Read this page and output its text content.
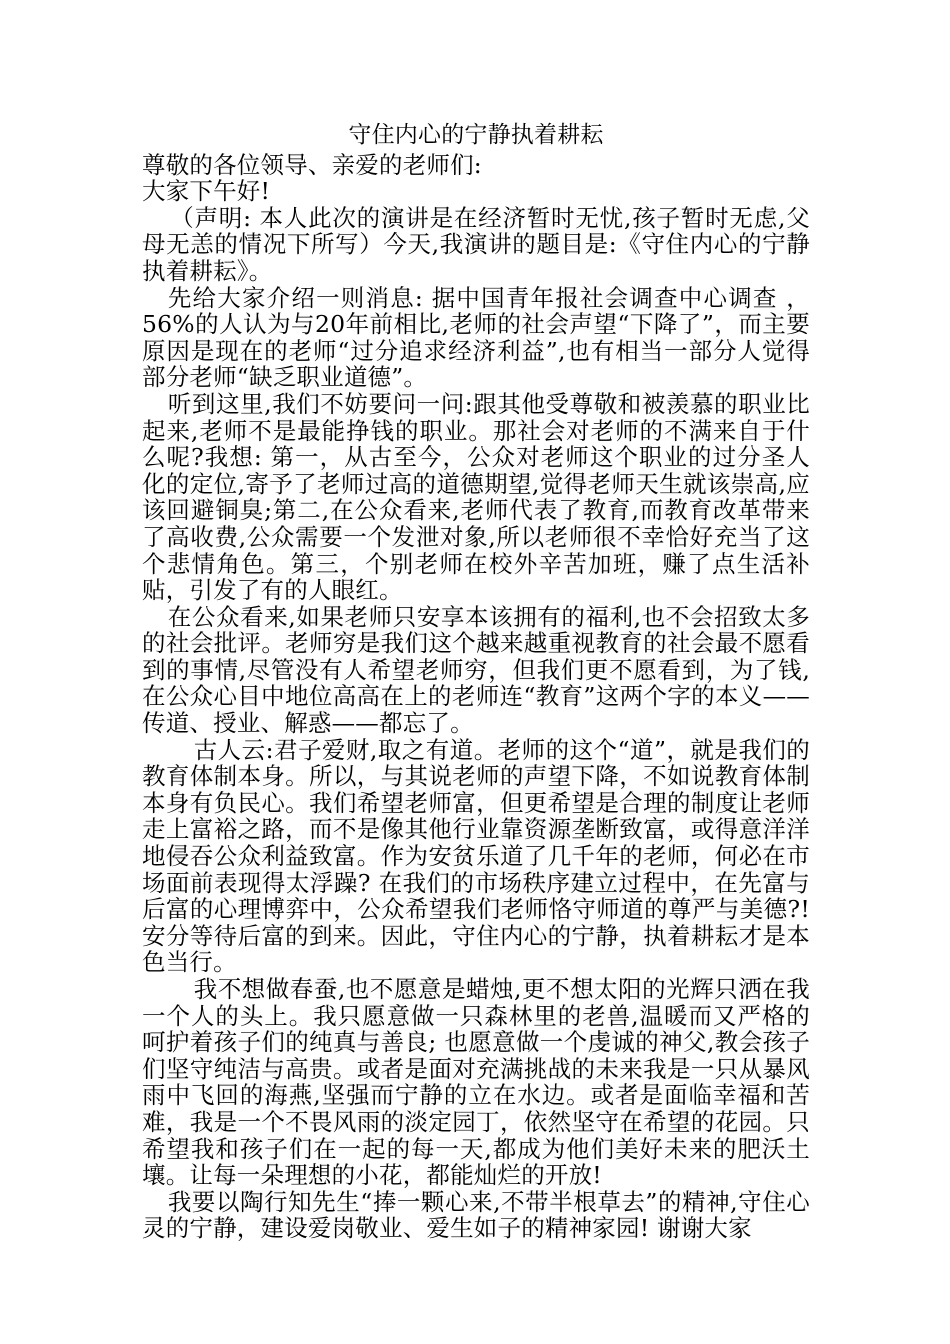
守住内心的宁静执着耕耘

尊敬的各位领导、亲爱的老师们:

大家下午好!

（声明: 本人此次的演讲是在经济暂时无忧,孩子暂时无虑,父母无恙的情况下所写）今天,我演讲的题目是:《守住内心的宁静执着耕耘》。

先给大家介绍一则消息: 据中国青年报社会调查中心调查 ，56%的人认为与20年前相比,老师的社会声望“下降了”，而主要原因是现在的老师“过分追求经济利益”,也有相当一部分人觉得部分老师“缺乏职业道德”。

听到这里,我们不妨要问一问:跟其他受尊敬和被羡慕的职业比起来,老师不是最能挣钱的职业。那社会对老师的不满来自于什么呢?我想: 第一，从古至今，公众对老师这个职业的过分圣人化的定位,寄予了老师过高的道德期望,觉得老师天生就该崇高,应该回避铜臭;第二,在公众看来,老师代表了教育,而教育改革带来了高收费,公众需要一个发泄对象,所以老师很不幸恰好充当了这个悲情角色。第三，个别老师在校外辛苦加班，赚了点生活补贴，引发了有的人眼红。

在公众看来,如果老师只安享本该拥有的福利,也不会招致太多的社会批评。老师穷是我们这个越来越重视教育的社会最不愿看到的事情,尽管没有人希望老师穷，但我们更不愿看到，为了钱,在公众心目中地位高高在上的老师连“教育”这两个字的本义——传道、授业、解惑——都忘了。

古人云:君子爱财,取之有道。老师的这个“道”，就是我们的教育体制本身。所以，与其说老师的声望下降，不如说教育体制本身有负民心。我们希望老师富，但更希望是合理的制度让老师走上富裕之路，而不是像其他行业靠资源垄断致富，或得意洋洋地侵吞公众利益致富。作为安贫乐道了几千年的老师，何必在市场面前表现得太浮躁? 在我们的市场秩序建立过程中，在先富与后富的心理博弈中，公众希望我们老师恪守师道的尊严与美德?! 安分等待后富的到来。因此，守住内心的宁静，执着耕耘才是本色当行。

我不想做春蚕,也不愿意是蜡烛,更不想太阳的光辉只洒在我一个人的头上。我只愿意做一只森林里的老兽,温暖而又严格的呵护着孩子们的纯真与善良; 也愿意做一个虔诚的神父,教会孩子们坚守纯洁与高贵。或者是面对充满挑战的未来我是一只从暴风雨中飞回的海燕,坚强而宁静的立在水边。或者是面临幸福和苦难，我是一个不畏风雨的淡定园丁，依然坚守在希望的花园。只希望我和孩子们在一起的每一天,都成为他们美好未来的肥沃土壤。让每一朵理想的小花，都能灿烂的开放!

我要以陶行知先生“捧一颗心来,不带半根草去”的精神,守住心灵的宁静，建设爱岗敬业、爱生如子的精神家园! 谢谢大家
